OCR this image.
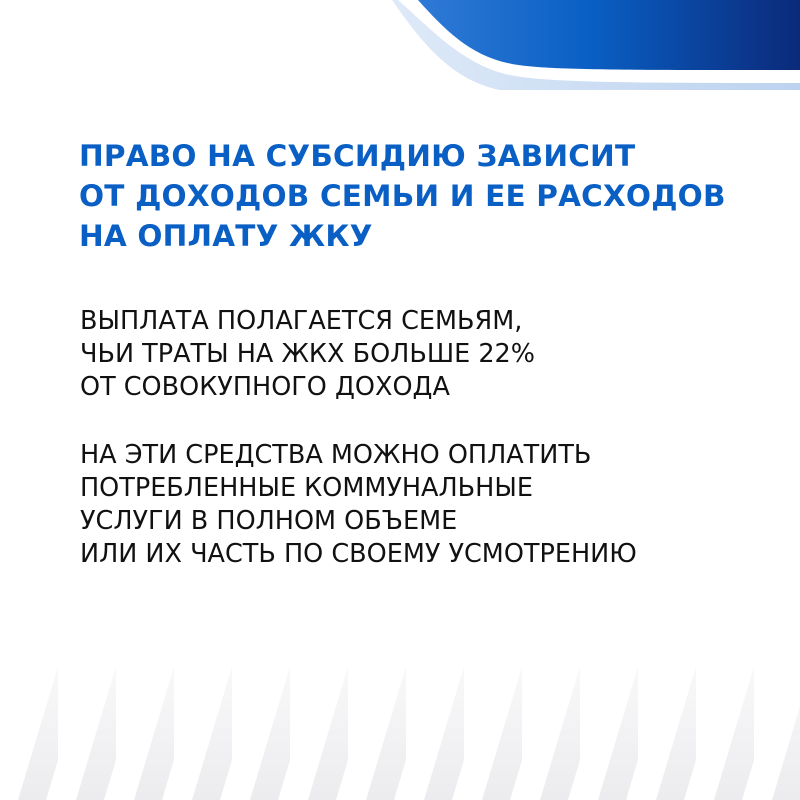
ПРАВО НА СУБСИДИЮ ЗАВИСИТ
ОТ ДОХОДОВ СЕМЬИ И ЕЕ РАСХОДОВ
НА ОПЛАТУ ЖКУ

ВЫПЛАТА ПОЛАГАЕТСЯ СЕМЬЯМ,
ЧЬИ ТРАТЫ НА ЖКХ БОЛЬШЕ 22%
ОТ СОВОКУПНОГО ДОХОДА

НА ЭТИ СРЕДСТВА МОЖНО ОПЛАТИТЬ
ПОТРЕБЛЕННЫЕ КОММУНАЛЬНЫЕ
УСЛУГИ В ПОЛНОМ ОБЪЕМЕ
ИЛИ ИХ ЧАСТЬ ПО СВОЕМУ УСМОТРЕНИЮ
